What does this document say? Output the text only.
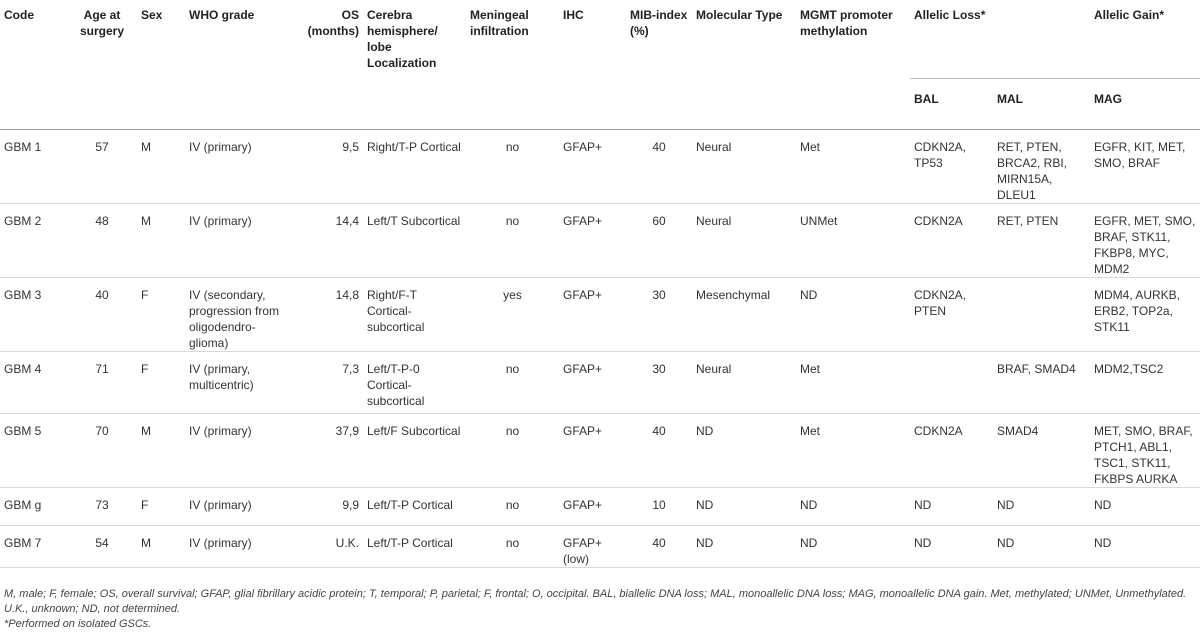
Code	Age at surgery	Sex	WHO grade	OS (months)	Cerebra hemisphere/ lobe Localization	Meningeal infiltration	IHC	MIB-index (%)	Molecular Type	MGMT promoter methylation	Allelic Loss*		Allelic Gain*
											BAL	MAL	MAG
GBM 1	57	M	IV (primary)	9,5	Right/T-P Cortical	no	GFAP+	40	Neural	Met	CDKN2A, TP53	RET, PTEN, BRCA2, RBI, MIRN15A, DLEU1	EGFR, KIT, MET, SMO, BRAF
GBM 2	48	M	IV (primary)	14,4	Left/T Subcortical	no	GFAP+	60	Neural	UNMet	CDKN2A	RET, PTEN	EGFR, MET, SMO, BRAF, STK11, FKBP8, MYC, MDM2
GBM 3	40	F	IV (secondary, progression from oligodendro-glioma)	14,8	Right/F-T Cortical-subcortical	yes	GFAP+	30	Mesenchymal	ND	CDKN2A, PTEN		MDM4, AURKB, ERB2, TOP2a, STK11
GBM 4	71	F	IV (primary, multicentric)	7,3	Left/T-P-0 Cortical-subcortical	no	GFAP+	30	Neural	Met		BRAF, SMAD4	MDM2,TSC2
GBM 5	70	M	IV (primary)	37,9	Left/F Subcortical	no	GFAP+	40	ND	Met	CDKN2A	SMAD4	MET, SMO, BRAF, PTCH1, ABL1, TSC1, STK11, FKBPS AURKA
GBM g	73	F	IV (primary)	9,9	Left/T-P Cortical	no	GFAP+	10	ND	ND	ND	ND	ND
GBM 7	54	M	IV (primary)	U.K.	Left/T-P Cortical	no	GFAP+ (low)	40	ND	ND	ND	ND	ND
M, male; F, female; OS, overall survival; GFAP, glial fibrillary acidic protein; T, temporal; P, parietal; F, frontal; O, occipital. BAL, biallelic DNA loss; MAL, monoallelic DNA loss; MAG, monoallelic DNA gain. Met, methylated; UNMet, Unmethylated. U.K., unknown; ND, not determined.
*Performed on isolated GSCs.
